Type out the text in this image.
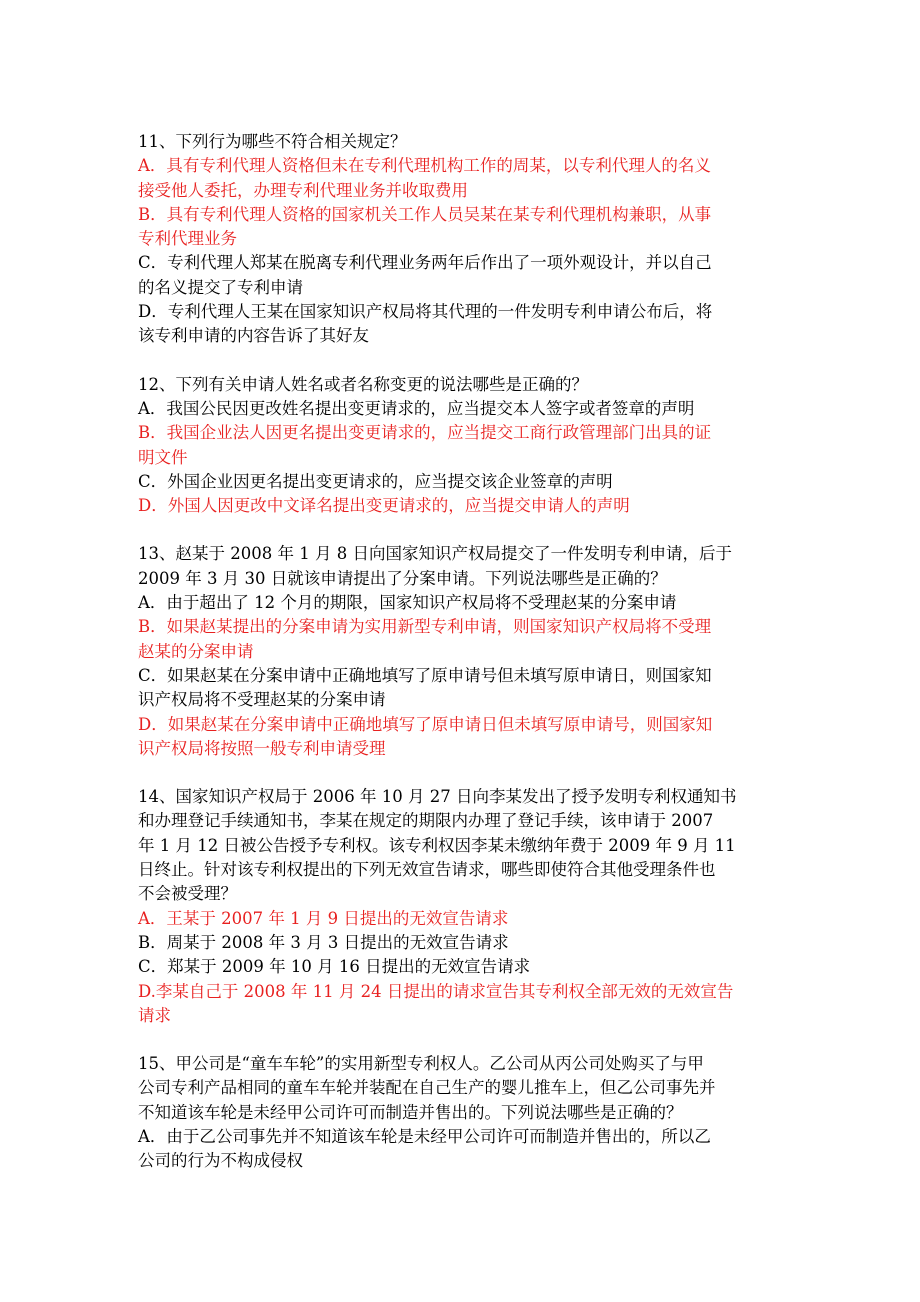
11、下列行为哪些不符合相关规定？
A．具有专利代理人资格但未在专利代理机构工作的周某，以专利代理人的名义
接受他人委托，办理专利代理业务并收取费用
B．具有专利代理人资格的国家机关工作人员吴某在某专利代理机构兼职，从事
专利代理业务
C．专利代理人郑某在脱离专利代理业务两年后作出了一项外观设计，并以自己
的名义提交了专利申请
D．专利代理人王某在国家知识产权局将其代理的一件发明专利申请公布后，将
该专利申请的内容告诉了其好友
12、下列有关申请人姓名或者名称变更的说法哪些是正确的？
A．我国公民因更改姓名提出变更请求的，应当提交本人签字或者签章的声明
B．我国企业法人因更名提出变更请求的，应当提交工商行政管理部门出具的证
明文件
C．外国企业因更名提出变更请求的，应当提交该企业签章的声明
D．外国人因更改中文译名提出变更请求的，应当提交申请人的声明
13、赵某于 2008 年 1 月 8 日向国家知识产权局提交了一件发明专利申请，后于
2009 年 3 月 30 日就该申请提出了分案申请。下列说法哪些是正确的？
A．由于超出了 12 个月的期限，国家知识产权局将不受理赵某的分案申请
B．如果赵某提出的分案申请为实用新型专利申请，则国家知识产权局将不受理
赵某的分案申请
C．如果赵某在分案申请中正确地填写了原申请号但未填写原申请日，则国家知
识产权局将不受理赵某的分案申请
D．如果赵某在分案申请中正确地填写了原申请日但未填写原申请号，则国家知
识产权局将按照一般专利申请受理
14、国家知识产权局于 2006 年 10 月 27 日向李某发出了授予发明专利权通知书
和办理登记手续通知书，李某在规定的期限内办理了登记手续，该申请于 2007
年 1 月 12 日被公告授予专利权。该专利权因李某未缴纳年费于 2009 年 9 月 11
日终止。针对该专利权提出的下列无效宣告请求，哪些即使符合其他受理条件也
不会被受理？
A．王某于 2007 年 1 月 9 日提出的无效宣告请求
B．周某于 2008 年 3 月 3 日提出的无效宣告请求
C．郑某于 2009 年 10 月 16 日提出的无效宣告请求
D.李某自己于 2008 年 11 月 24 日提出的请求宣告其专利权全部无效的无效宣告
请求
15、甲公司是“童车车轮”的实用新型专利权人。乙公司从丙公司处购买了与甲
公司专利产品相同的童车车轮并装配在自己生产的婴儿推车上，但乙公司事先并
不知道该车轮是未经甲公司许可而制造并售出的。下列说法哪些是正确的？
A．由于乙公司事先并不知道该车轮是未经甲公司许可而制造并售出的，所以乙
公司的行为不构成侵权
